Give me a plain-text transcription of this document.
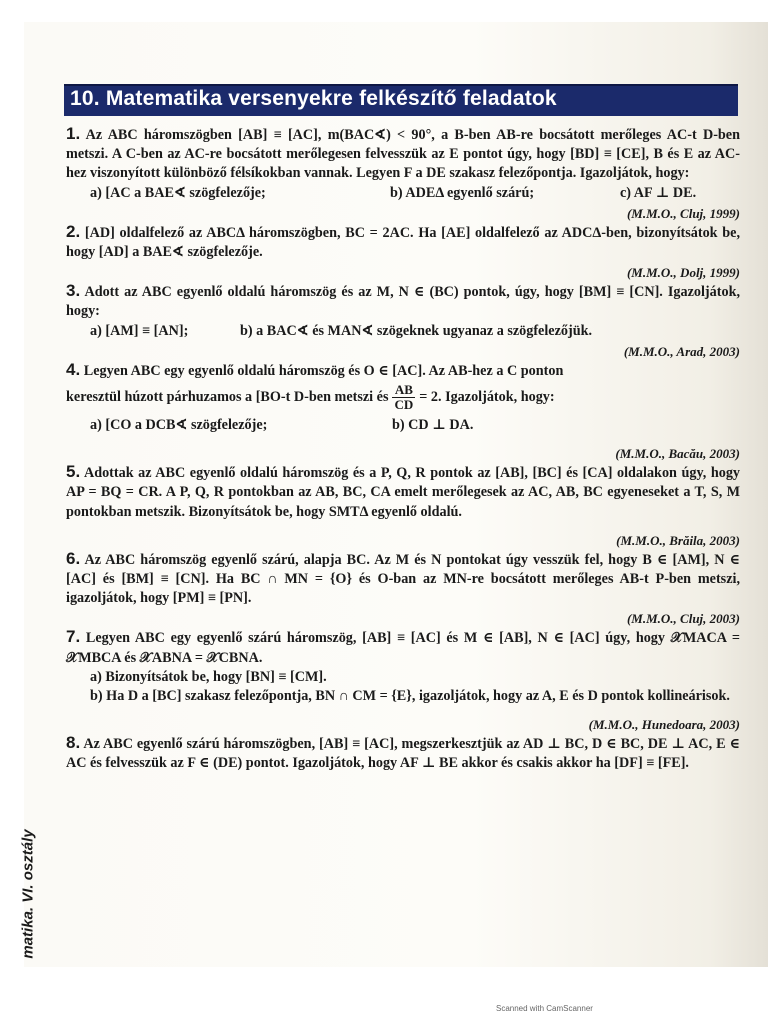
10. Matematika versenyekre felkészítő feladatok

1. Az ABC háromszögben [AB] ≡ [AC], m(BAC∢) < 90°, a B-ben AB-re bocsátott merőleges AC-t D-ben metszi. A C-ben az AC-re bocsátott merőlegesen felvesszük az E pontot úgy, hogy [BD] ≡ [CE], B és E az AC-hez viszonyított különböző félsíkokban vannak. Legyen F a DE szakasz felezőpontja. Igazoljátok, hogy:

a) [AC a BAE∢ szögfelezője;	b) ADEΔ egyenlő szárú;	c) AF ⊥ DE.

(M.M.O., Cluj, 1999)

2. [AD] oldalfelező az ABCΔ háromszögben, BC = 2AC. Ha [AE] oldalfelező az ADCΔ-ben, bizonyítsátok be, hogy [AD] a BAE∢ szögfelezője.

(M.M.O., Dolj, 1999)

3. Adott az ABC egyenlő oldalú háromszög és az M, N ∈ (BC) pontok, úgy, hogy [BM] ≡ [CN]. Igazoljátok, hogy:

a) [AM] ≡ [AN];	b) a BAC∢ és MAN∢ szögeknek ugyanaz a szögfelezőjük.

(M.M.O., Arad, 2003)

4. Legyen ABC egy egyenlő oldalú háromszög és O ∈ [AC]. Az AB-hez a C ponton

keresztül húzott párhuzamos a [BO-t D-ben metszi és $\frac{AB}{CD} = 2$. Igazoljátok, hogy:

a) [CO a DCB∢ szögfelezője;	b) CD ⊥ DA.

(M.M.O., Bacău, 2003)

5. Adottak az ABC egyenlő oldalú háromszög és a P, Q, R pontok az [AB], [BC] és [CA] oldalakon úgy, hogy AP = BQ = CR. A P, Q, R pontokban az AB, BC, CA emelt merőlegesek az AC, AB, BC egyeneseket a T, S, M pontokban metszik. Bizonyítsátok be, hogy SMTΔ egyenlő oldalú.

(M.M.O., Brăila, 2003)

6. Az ABC háromszög egyenlő szárú, alapja BC. Az M és N pontokat úgy vesszük fel, hogy B ∈ [AM], N ∈ [AC] és [BM] ≡ [CN]. Ha BC ∩ MN = {O} és O-ban az MN-re bocsátott merőleges AB-t P-ben metszi, igazoljátok, hogy [PM] ≡ [PN].

(M.M.O., Cluj, 2003)

7. Legyen ABC egy egyenlő szárú háromszög, [AB] ≡ [AC] és M ∈ [AB], N ∈ [AC] úgy, hogy 𝒳MACA = 𝒳MBCA és 𝒳ABNA = 𝒳CBNA.

a) Bizonyítsátok be, hogy [BN] ≡ [CM].

b) Ha D a [BC] szakasz felezőpontja, BN ∩ CM = {E}, igazoljátok, hogy az A, E és D pontok kollineárisok.

(M.M.O., Hunedoara, 2003)

8. Az ABC egyenlő szárú háromszögben, [AB] ≡ [AC], megszerkesztjük az AD ⊥ BC, D ∈ BC, DE ⊥ AC, E ∈ AC és felvesszük az F ∈ (DE) pontot. Igazoljátok, hogy AF ⊥ BE akkor és csakis akkor ha [DF] ≡ [FE].

matika. VI. osztály
Scanned with CamScanner
